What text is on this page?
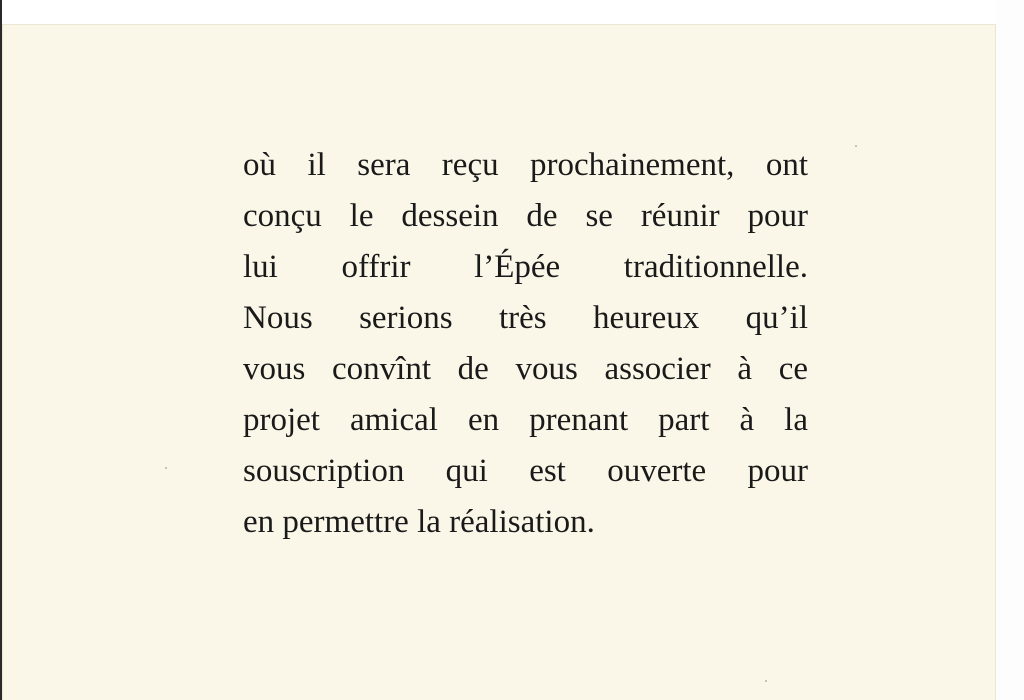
où il sera reçu prochainement, ont
conçu le dessein de se réunir pour
lui offrir l’Épée traditionnelle.
Nous serions très heureux qu’il
vous convînt de vous associer à ce
projet amical en prenant part à la
souscription qui est ouverte pour
en permettre la réalisation.
